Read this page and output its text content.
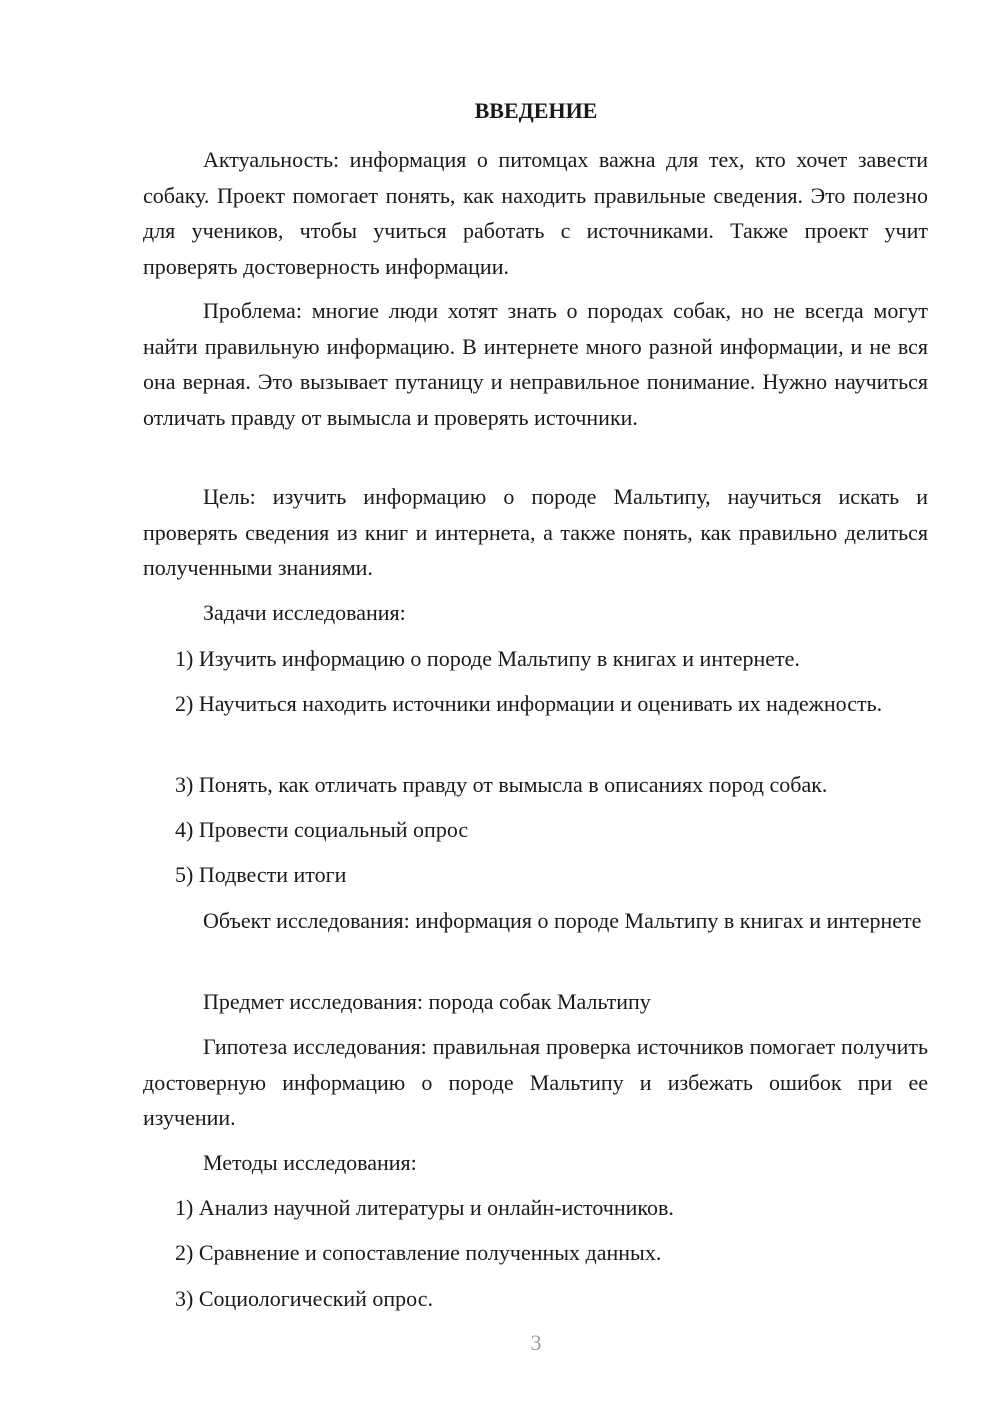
ВВЕДЕНИЕ

Актуальность: информация о питомцах важна для тех, кто хочет завести собаку. Проект помогает понять, как находить правильные сведения. Это полезно для учеников, чтобы учиться работать с источниками. Также проект учит проверять достоверность информации.

Проблема: многие люди хотят знать о породах собак, но не всегда могут найти правильную информацию. В интернете много разной информации, и не вся она верная. Это вызывает путаницу и неправильное понимание. Нужно научиться отличать правду от вымысла и проверять источники.

Цель: изучить информацию о породе Мальтипу, научиться искать и проверять сведения из книг и интернета, а также понять, как правильно делиться полученными знаниями.

Задачи исследования:

1) Изучить информацию о породе Мальтипу в книгах и интернете.

2) Научиться находить источники информации и оценивать их надежность.

3) Понять, как отличать правду от вымысла в описаниях пород собак.

4) Провести социальный опрос

5) Подвести итоги

Объект исследования: информация о породе Мальтипу в книгах и интернете

Предмет исследования: порода собак Мальтипу

Гипотеза исследования: правильная проверка источников помогает получить достоверную информацию о породе Мальтипу и избежать ошибок при ее изучении.

Методы исследования:

1) Анализ научной литературы и онлайн-источников.

2) Сравнение и сопоставление полученных данных.

3) Социологический опрос.

3
